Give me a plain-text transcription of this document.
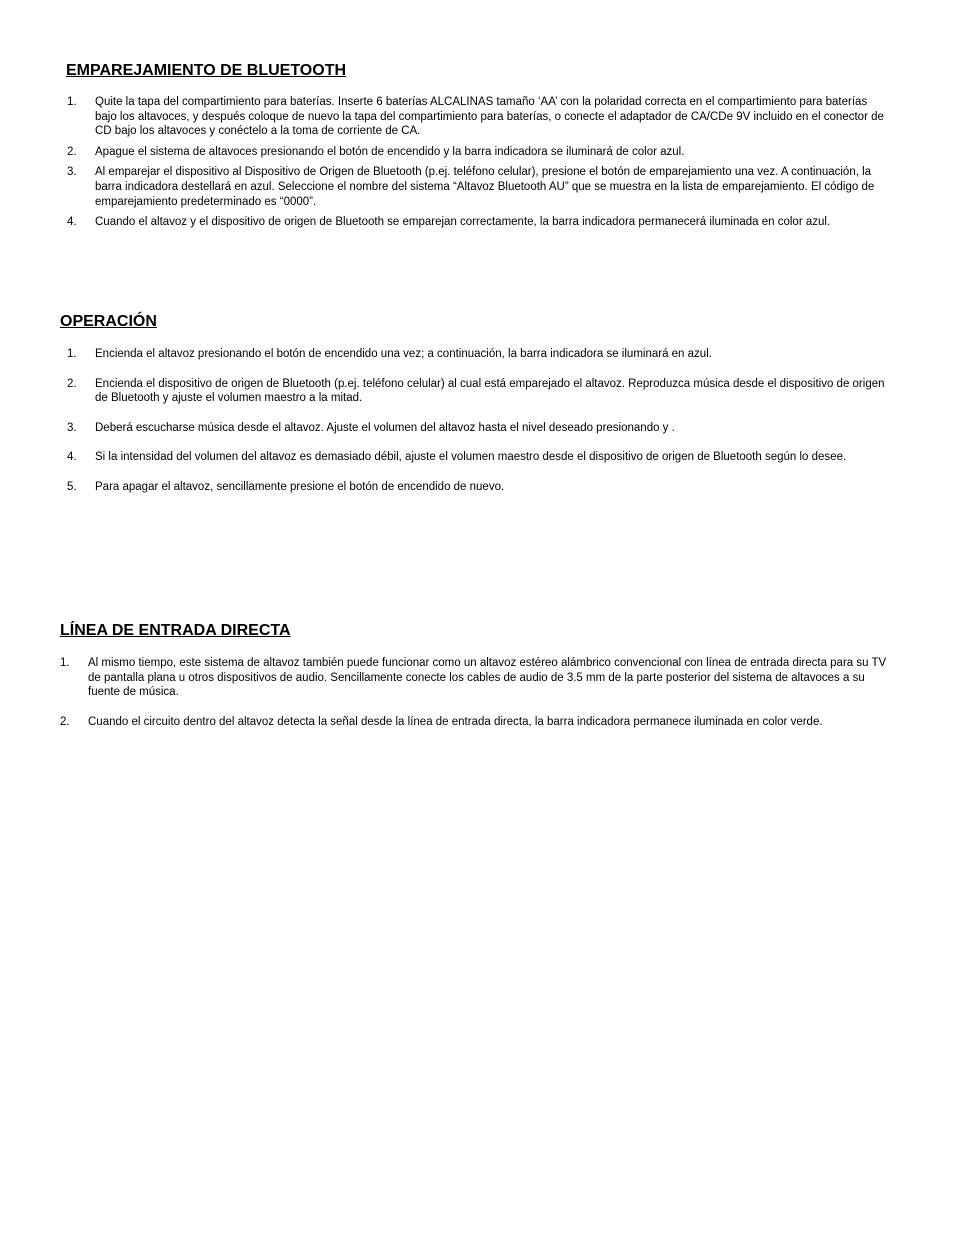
EMPAREJAMIENTO DE BLUETOOTH
1. Quite la tapa del compartimiento para baterías. Inserte 6 baterías ALCALINAS tamaño ‘AA’ con la polaridad correcta en el compartimiento para baterías bajo los altavoces, y después coloque de nuevo la tapa del compartimiento para baterías, o conecte el adaptador de CA/CDe 9V incluido en el conector de CD bajo los altavoces y conéctelo a la toma de corriente de CA.
2. Apague el sistema de altavoces presionando el botón de encendido y la barra indicadora se iluminará de color azul.
3. Al emparejar el dispositivo al Dispositivo de Origen de Bluetooth (p.ej. teléfono celular), presione el botón de emparejamiento una vez. A continuación, la barra indicadora destellará en azul. Seleccione el nombre del sistema “Altavoz Bluetooth AU” que se muestra en la lista de emparejamiento. El código de emparejamiento predeterminado es “0000”.
4. Cuando el altavoz y el dispositivo de origen de Bluetooth se emparejan correctamente, la barra indicadora permanecerá iluminada en color azul.
OPERACIÓN
1. Encienda el altavoz presionando el botón de encendido una vez; a continuación, la barra indicadora se iluminará en azul.
2. Encienda el dispositivo de origen de Bluetooth (p.ej. teléfono celular) al cual está emparejado el altavoz. Reproduzca música desde el dispositivo de origen de Bluetooth y ajuste el volumen maestro a la mitad.
3. Deberá escucharse música desde el altavoz. Ajuste el volumen del altavoz hasta el nivel deseado presionando y .
4. Si la intensidad del volumen del altavoz es demasiado débil, ajuste el volumen maestro desde el dispositivo de origen de Bluetooth según lo desee.
5. Para apagar el altavoz, sencillamente presione el botón de encendido de nuevo.
LÍNEA DE ENTRADA DIRECTA
1. Al mismo tiempo, este sistema de altavoz también puede funcionar como un altavoz estéreo alámbrico convencional con línea de entrada directa para su TV de pantalla plana u otros dispositivos de audio. Sencillamente conecte los cables de audio de 3.5 mm de la parte posterior del sistema de altavoces a su fuente de música.
2. Cuando el circuito dentro del altavoz detecta la señal desde la línea de entrada directa, la barra indicadora permanece iluminada en color verde.
